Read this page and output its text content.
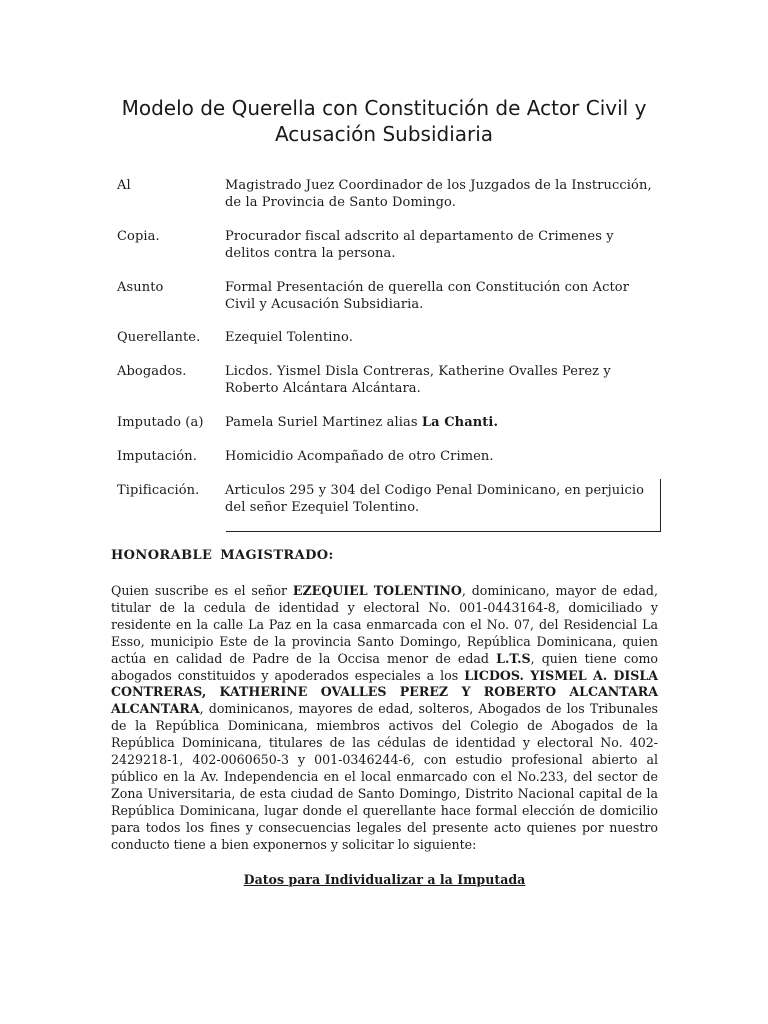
Modelo de Querella con Constitución de Actor Civil y
Acusación Subsidiaria
Al	Magistrado Juez Coordinador de los Juzgados de la Instrucción, de la Provincia de Santo Domingo.
Copia.	Procurador fiscal adscrito al departamento de Crimenes y delitos contra la persona.
Asunto	Formal Presentación de querella con Constitución con Actor Civil y Acusación Subsidiaria.
Querellante.	Ezequiel Tolentino.
Abogados.	Licdos. Yismel Disla Contreras, Katherine Ovalles Perez y Roberto Alcántara Alcántara.
Imputado (a)	Pamela Suriel Martinez alias La Chanti.
Imputación.	Homicidio Acompañado de otro Crimen.
Tipificación.	Articulos 295 y 304 del Codigo Penal Dominicano, en perjuicio del señor Ezequiel Tolentino.

HONORABLE MAGISTRADO:

Quien suscribe es el señor EZEQUIEL TOLENTINO, dominicano, mayor de edad, titular de la cedula de identidad y electoral No. 001-0443164-8, domiciliado y residente en la calle La Paz en la casa enmarcada con el No. 07, del Residencial La Esso, municipio Este de la provincia Santo Domingo, República Dominicana, quien actúa en calidad de Padre de la Occisa menor de edad L.T.S, quien tiene como abogados constituidos y apoderados especiales a los LICDOS. YISMEL A. DISLA CONTRERAS, KATHERINE OVALLES PEREZ Y ROBERTO ALCANTARA ALCANTARA, dominicanos, mayores de edad, solteros, Abogados de los Tribunales de la República Dominicana, miembros activos del Colegio de Abogados de la República Dominicana, titulares de las cédulas de identidad y electoral No. 402-2429218-1, 402-0060650-3 y 001-0346244-6, con estudio profesional abierto al público en la Av. Independencia en el local enmarcado con el No.233, del sector de Zona Universitaria, de esta ciudad de Santo Domingo, Distrito Nacional capital de la República Dominicana, lugar donde el querellante hace formal elección de domicilio para todos los fines y consecuencias legales del presente acto quienes por nuestro conducto tiene a bien exponernos y solicitar lo siguiente:

Datos para Individualizar a la Imputada
